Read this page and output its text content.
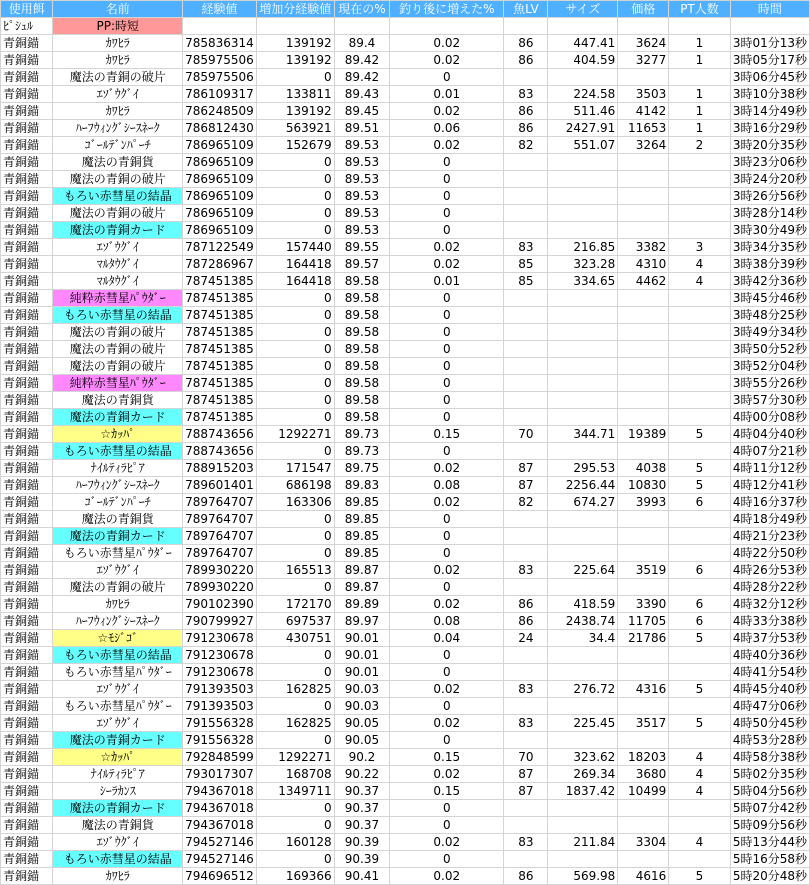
使用餌	名前	経験値	増加分経験値	現在の%	釣り後に増えた%	魚LV	サイズ	価格	PT人数	時間
ﾋﾟｼｭﾙ	PP:時短									
青銅錨	ｶﾜﾋﾗ	785836314	139192	89.4	0.02	86	447.41	3624	1	3時01分13秒
青銅錨	ｶﾜﾋﾗ	785975506	139192	89.42	0.02	86	404.59	3277	1	3時05分17秒
青銅錨	魔法の青銅の破片	785975506	0	89.42	0					3時06分45秒
青銅錨	ｴｿﾞｳｸﾞｲ	786109317	133811	89.43	0.01	83	224.58	3503	1	3時10分38秒
青銅錨	ｶﾜﾋﾗ	786248509	139192	89.45	0.02	86	511.46	4142	1	3時14分49秒
青銅錨	ﾊｰﾌｳｨﾝｸﾞｼｰｽﾈｰｸ	786812430	563921	89.51	0.06	86	2427.91	11653	1	3時16分29秒
青銅錨	ｺﾞｰﾙﾃﾞﾝﾊﾟｰﾁ	786965109	152679	89.53	0.02	82	551.07	3264	2	3時20分35秒
青銅錨	魔法の青銅貨	786965109	0	89.53	0					3時23分06秒
青銅錨	魔法の青銅の破片	786965109	0	89.53	0					3時24分20秒
青銅錨	もろい赤彗星の結晶	786965109	0	89.53	0					3時26分56秒
青銅錨	魔法の青銅の破片	786965109	0	89.53	0					3時28分14秒
青銅錨	魔法の青銅カード	786965109	0	89.53	0					3時30分49秒
青銅錨	ｴｿﾞｳｸﾞｲ	787122549	157440	89.55	0.02	83	216.85	3382	3	3時34分35秒
青銅錨	ﾏﾙﾀｳｸﾞｲ	787286967	164418	89.57	0.02	85	323.28	4310	4	3時38分39秒
青銅錨	ﾏﾙﾀｳｸﾞｲ	787451385	164418	89.58	0.01	85	334.65	4462	4	3時42分36秒
青銅錨	純粋赤彗星ﾊﾟｳﾀﾞｰ	787451385	0	89.58	0					3時45分46秒
青銅錨	もろい赤彗星の結晶	787451385	0	89.58	0					3時48分25秒
青銅錨	魔法の青銅の破片	787451385	0	89.58	0					3時49分34秒
青銅錨	魔法の青銅の破片	787451385	0	89.58	0					3時50分52秒
青銅錨	魔法の青銅の破片	787451385	0	89.58	0					3時52分04秒
青銅錨	純粋赤彗星ﾊﾟｳﾀﾞｰ	787451385	0	89.58	0					3時55分26秒
青銅錨	魔法の青銅貨	787451385	0	89.58	0					3時57分30秒
青銅錨	魔法の青銅カード	787451385	0	89.58	0					4時00分08秒
青銅錨	☆ｶｯﾊﾟ	788743656	1292271	89.73	0.15	70	344.71	19389	5	4時04分40秒
青銅錨	もろい赤彗星の結晶	788743656	0	89.73	0					4時07分21秒
青銅錨	ﾅｲﾙﾃｨﾗﾋﾟｱ	788915203	171547	89.75	0.02	87	295.53	4038	5	4時11分12秒
青銅錨	ﾊｰﾌｳｨﾝｸﾞｼｰｽﾈｰｸ	789601401	686198	89.83	0.08	87	2256.44	10830	5	4時12分41秒
青銅錨	ｺﾞｰﾙﾃﾞﾝﾊﾟｰﾁ	789764707	163306	89.85	0.02	82	674.27	3993	6	4時16分37秒
青銅錨	魔法の青銅貨	789764707	0	89.85	0					4時18分49秒
青銅錨	魔法の青銅カード	789764707	0	89.85	0					4時21分23秒
青銅錨	もろい赤彗星ﾊﾟｳﾀﾞｰ	789764707	0	89.85	0					4時22分50秒
青銅錨	ｴｿﾞｳｸﾞｲ	789930220	165513	89.87	0.02	83	225.64	3519	6	4時26分53秒
青銅錨	魔法の青銅の破片	789930220	0	89.87	0					4時28分22秒
青銅錨	ｶﾜﾋﾗ	790102390	172170	89.89	0.02	86	418.59	3390	6	4時32分12秒
青銅錨	ﾊｰﾌｳｨﾝｸﾞｼｰｽﾈｰｸ	790799927	697537	89.97	0.08	86	2438.74	11705	6	4時33分38秒
青銅錨	☆ﾓｼﾞｺﾞ	791230678	430751	90.01	0.04	24	34.4	21786	5	4時37分53秒
青銅錨	もろい赤彗星の結晶	791230678	0	90.01	0					4時40分36秒
青銅錨	もろい赤彗星ﾊﾟｳﾀﾞｰ	791230678	0	90.01	0					4時41分54秒
青銅錨	ｴｿﾞｳｸﾞｲ	791393503	162825	90.03	0.02	83	276.72	4316	5	4時45分40秒
青銅錨	もろい赤彗星ﾊﾟｳﾀﾞｰ	791393503	0	90.03	0					4時47分06秒
青銅錨	ｴｿﾞｳｸﾞｲ	791556328	162825	90.05	0.02	83	225.45	3517	5	4時50分45秒
青銅錨	魔法の青銅カード	791556328	0	90.05	0					4時53分28秒
青銅錨	☆ｶｯﾊﾟ	792848599	1292271	90.2	0.15	70	323.62	18203	4	4時58分38秒
青銅錨	ﾅｲﾙﾃｨﾗﾋﾟｱ	793017307	168708	90.22	0.02	87	269.34	3680	4	5時02分35秒
青銅錨	ｼｰﾗｶﾝｽ	794367018	1349711	90.37	0.15	87	1837.42	10499	4	5時04分56秒
青銅錨	魔法の青銅カード	794367018	0	90.37	0					5時07分42秒
青銅錨	魔法の青銅貨	794367018	0	90.37	0					5時09分56秒
青銅錨	ｴｿﾞｳｸﾞｲ	794527146	160128	90.39	0.02	83	211.84	3304	4	5時13分44秒
青銅錨	もろい赤彗星の結晶	794527146	0	90.39	0					5時16分58秒
青銅錨	ｶﾜﾋﾗ	794696512	169366	90.41	0.02	86	569.98	4616	5	5時20分48秒
